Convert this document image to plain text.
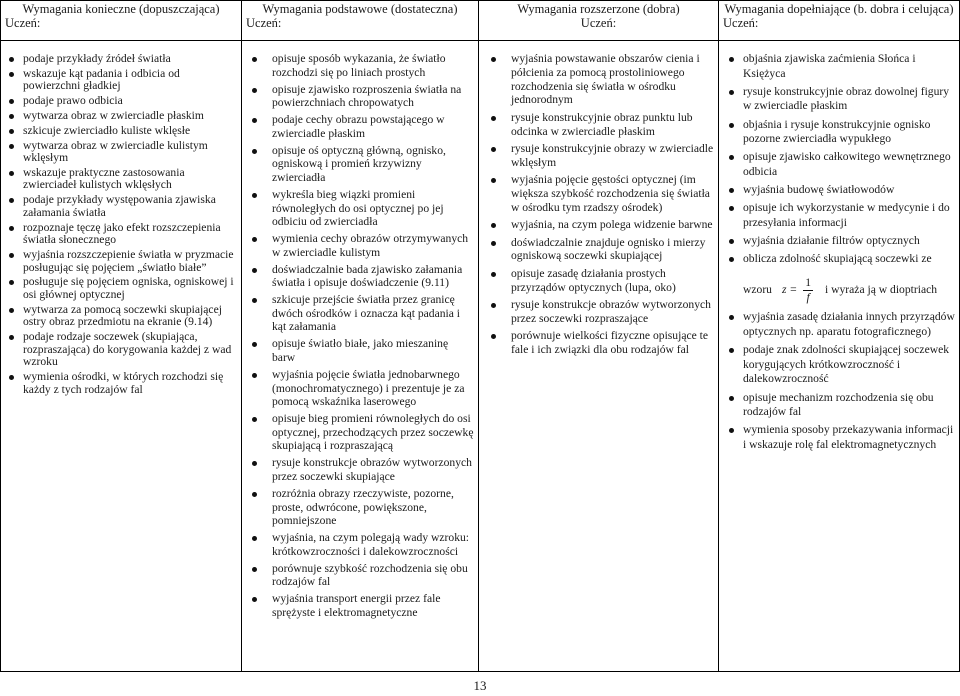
Wymagania konieczne (dopuszczająca)
Uczeń:
podaje przykłady źródeł światła
wskazuje kąt padania i odbicia od powierzchni gładkiej
podaje prawo odbicia
wytwarza obraz w zwierciadle płaskim
szkicuje zwierciadło kuliste wklęsłe
wytwarza obraz w zwierciadle kulistym wklęsłym
wskazuje praktyczne zastosowania zwierciadeł kulistych wklęsłych
podaje przykłady występowania zjawiska załamania światła
rozpoznaje tęczę jako efekt rozszczepienia światła słonecznego
wyjaśnia rozszczepienie światła w pryzmacie posługując się pojęciem „światło białe”
posługuje się pojęciem ogniska, ogniskowej i osi głównej optycznej
wytwarza za pomocą soczewki skupiającej ostry obraz przedmiotu na ekranie (9.14)
podaje rodzaje soczewek (skupiająca, rozpraszająca) do korygowania każdej z wad wzroku
wymienia ośrodki, w których rozchodzi się każdy z tych rodzajów fal
Wymagania podstawowe (dostateczna)
Uczeń:
opisuje sposób wykazania, że światło rozchodzi się po liniach prostych
opisuje zjawisko rozproszenia światła na powierzchniach chropowatych
podaje cechy obrazu powstającego w zwierciadle płaskim
opisuje oś optyczną główną, ognisko, ogniskową i promień krzywizny zwierciadła
wykreśla bieg wiązki promieni równoległych do osi optycznej po jej odbiciu od zwierciadła
wymienia cechy obrazów otrzymywanych w zwierciadle kulistym
doświadczalnie bada zjawisko załamania światła i opisuje doświadczenie (9.11)
szkicuje przejście światła przez granicę dwóch ośrodków i oznacza kąt padania i kąt załamania
opisuje światło białe, jako mieszaninę barw
wyjaśnia pojęcie światła jednobarwnego (monochromatycznego) i prezentuje je za pomocą wskaźnika laserowego
opisuje bieg promieni równoległych do osi optycznej, przechodzących przez soczewkę skupiającą i rozpraszającą
rysuje konstrukcje obrazów wytworzonych przez soczewki skupiające
rozróżnia obrazy rzeczywiste, pozorne, proste, odwrócone, powiększone, pomniejszone
wyjaśnia, na czym polegają wady wzroku: krótkowzroczności i dalekowzroczności
porównuje szybkość rozchodzenia się obu rodzajów fal
wyjaśnia transport energii przez fale sprężyste i elektromagnetyczne
Wymagania rozszerzone (dobra)
Uczeń:
wyjaśnia powstawanie obszarów cienia i półcienia za pomocą prostoliniowego rozchodzenia się światła w ośrodku jednorodnym
rysuje konstrukcyjnie obraz punktu lub odcinka w zwierciadle płaskim
rysuje konstrukcyjnie obrazy w zwierciadle wklęsłym
wyjaśnia pojęcie gęstości optycznej (im większa szybkość rozchodzenia się światła w ośrodku tym rzadszy ośrodek)
wyjaśnia, na czym polega widzenie barwne
doświadczalnie znajduje ognisko i mierzy ogniskową soczewki skupiającej
opisuje zasadę działania prostych przyrządów optycznych (lupa, oko)
rysuje konstrukcje obrazów wytworzonych przez soczewki rozpraszające
porównuje wielkości fizyczne opisujące te fale i ich związki dla obu rodzajów fal
Wymagania dopełniające (b. dobra i celująca)
Uczeń:
objaśnia zjawiska zaćmienia Słońca i Księżyca
rysuje konstrukcyjnie obraz dowolnej figury w zwierciadle płaskim
objaśnia i rysuje konstrukcyjnie ognisko pozorne zwierciadła wypukłego
opisuje zjawisko całkowitego wewnętrznego odbicia
wyjaśnia budowę światłowodów
opisuje ich wykorzystanie w medycynie i do przesyłania informacji
wyjaśnia działanie filtrów optycznych
oblicza zdolność skupiającą soczewki ze
wzoru $z = \frac{1}{f}$ i wyraża ją w dioptriach
wyjaśnia zasadę działania innych przyrządów optycznych np. aparatu fotograficznego)
podaje znak zdolności skupiającej soczewek korygujących krótkowzroczność i dalekowzroczność
opisuje mechanizm rozchodzenia się obu rodzajów fal
wymienia sposoby przekazywania informacji i wskazuje rolę fal elektromagnetycznych
13
